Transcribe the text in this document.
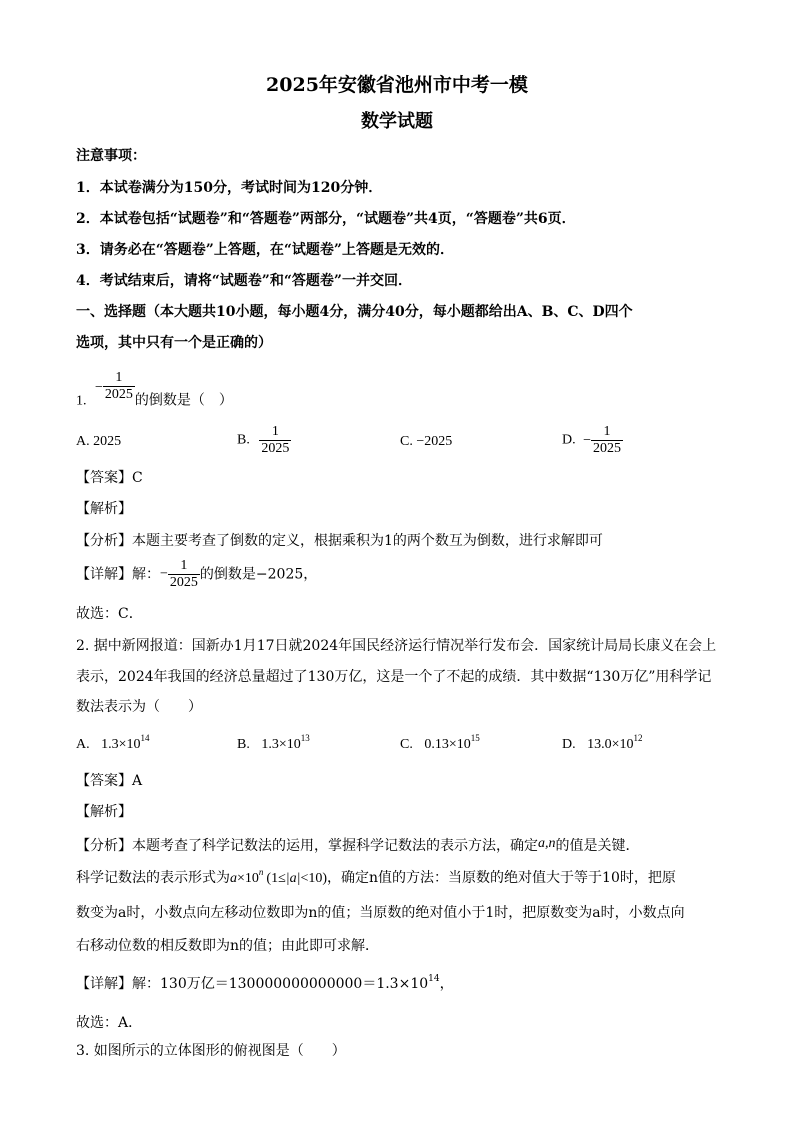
2025年安徽省池州市中考一模
数学试题
注意事项：
1．本试卷满分为150分，考试时间为120分钟．
2．本试卷包括“试题卷”和“答题卷”两部分，“试题卷”共4页，“答题卷”共6页．
3．请务必在“答题卷”上答题，在“试题卷”上答题是无效的．
4．考试结束后，请将“试题卷”和“答题卷”一并交回．
一、选择题（本大题共10小题，每小题4分，满分40分，每小题都给出A、B、C、D四个
选项，其中只有一个是正确的）
1. − $\frac{1}{2025}$ 的倒数是（　）
A. 2025	B. $\frac{1}{2025}$	C. −2025	D. − $\frac{1}{2025}$
【答案】C
【解析】
【分析】本题主要考查了倒数的定义，根据乘积为1的两个数互为倒数，进行求解即可
【详解】解：− $\frac{1}{2025}$ 的倒数是−2025，
故选：C．
2. 据中新网报道：国新办1月17日就2024年国民经济运行情况举行发布会．国家统计局局长康义在会上
表示，2024年我国的经济总量超过了130万亿，这是一个了不起的成绩．其中数据“130万亿”用科学记
数法表示为（　　）
A. $1.3\times 10^{14}$	B. $1.3\times 10^{13}$	C. $0.13\times 10^{15}$	D. $13.0\times 10^{12}$
【答案】A
【解析】
【分析】本题考查了科学记数法的运用，掌握科学记数法的表示方法，确定a,n的值是关键．
科学记数法的表示形式为$a\times 10^n$ (1≤|a|<10)，确定n值的方法：当原数的绝对值大于等于10时，把原
数变为a时，小数点向左移动位数即为n的值；当原数的绝对值小于1时，把原数变为a时，小数点向
右移动位数的相反数即为n的值；由此即可求解．
【详解】解：130万亿$=130000000000000=1.3\times 10^{14}$，
故选：A．
3. 如图所示的立体图形的俯视图是（　　）
